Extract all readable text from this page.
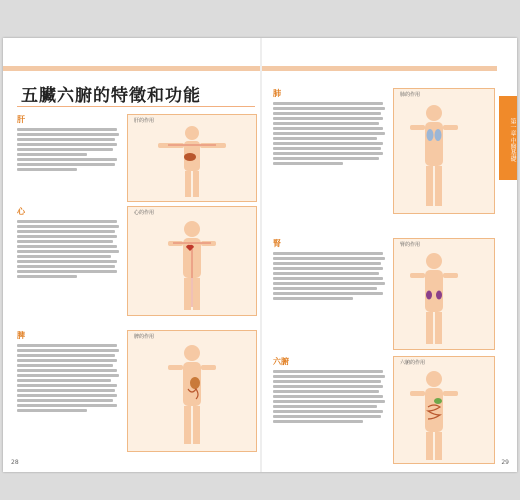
第一章 中醫基礎
五臟六腑的特徵和功能
肝	肝的作用
心	心的作用
脾	脾的作用
28
肺	肺的作用
腎	腎的作用
六腑	六腑的作用
29
